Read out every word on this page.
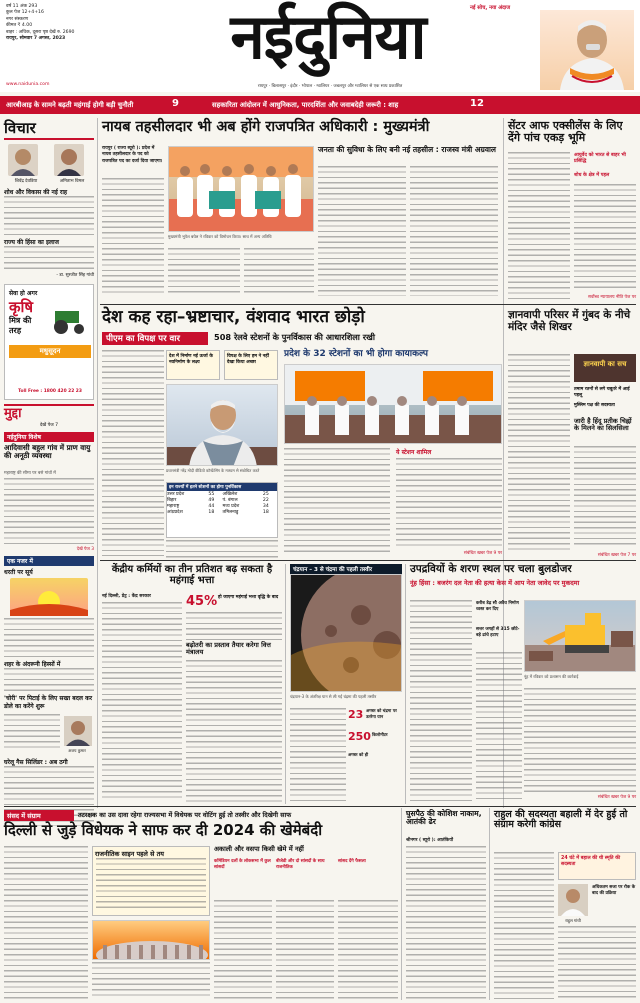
वर्ष 11 अंक 293
कुल पेज 12+4+16
नगर संस्करण
कीमत ₹ 4.00
बाहर : अधिक, दूसरा पृष्ठ देखें रु. 2690
रायपुर, सोमवार 7 अगस्त, 2023
www.naidunia.com
नईदुनिया	नई सोच, नया अंदाज
रायपुर · बिलासपुर · इंदौर · भोपाल · ग्वालियर · जबलपुर और ग्वालियर से एक साथ प्रकाशित
आरबीआइ के सामने बढ़ती महंगाई होगी बड़ी चुनौती	9	सहकारिता आंदोलन में आधुनिकता, पारदर्शिता और जवाबदेही जरूरी : शाह	12
विचार
शिवेंद्र देवडिया	अमिताभ विमल
शोध और विकास की नई राह
राज्य की हिंसा का इलाज
- डा. सुरजीत सिंह गांधी
सेवा हो अगर
कृषि
मित्र की
तरह
मधुसूदन
Toll Free : 1800 420 22 23
मुद्दा
देखें पेज 7
नईदुनिया विशेष
आदिवासी बहुल गांव में प्राण वायु की अनूठी व्यवस्था
महाराष्ट्र की सीमा पर बसे गांवों में
देखें पेज 3
एक नजर में
धरती पर सूर्य
शहर के अंदरूनी हिस्सों में
'चोरी' पर पिटाई के लिए सख्त बदल कर डोले का करेंगे शुरू
अजय कुमार
घरेलू गैस सिलिंडर : अब ठगी
नायब तहसीलदार भी अब होंगे राजपत्रित अधिकारी : मुख्यमंत्री
रायपुर ( राज्य ब्यूरो ): प्रदेश में नायब तहसीलदार के पद को राजपत्रित पद का दर्जा दिया जाएगा।
मुख्यमंत्री भूपेश बघेल ने रविवार को विमोचन किया। साथ में अन्य अतिथि
जनता की सुविधा के लिए बनी नई तहसील : राजस्व मंत्री अग्रवाल
सेंटर आफ एक्सीलेंस के लिए देंगे पांच एकड़ भूमि
आयुर्वेद को भारत से बाहर भी प्रसिद्धि
शोध के क्षेत्र में पहल
सर्वोच्च न्यायालय नीति पेज पर
देश कह रहा–भ्रष्टाचार, वंशवाद भारत छोड़ो
पीएम का विपक्ष पर वार	508 रेलवे स्टेशनों के पुनर्विकास की आधारशिला रखी
देश में निर्माण नई ऊर्जा के नवनिर्माण के लक्ष्य
विपक्ष के लिए हम ने नहीं देखा किया अच्छा
प्रधानमंत्री नरेंद्र मोदी वीडियो कॉन्फ्रेंसिंग के माध्यम से संबोधित करते
इन राज्यों में इतने स्टेशनों का होगा पुनर्विकास
उत्तर प्रदेश	55	अखिलेश	25
बिहार	49	पं. बंगाल	22
महाराष्ट्र	44	मध्य प्रदेश	34
आंध्रप्रदेश	18	तमिलनाडु	18
प्रदेश के 32 स्टेशनों का भी होगा कायाकल्प
ये स्टेशन शामिल
संबंधित खबर पेज 9 पर
ज्ञानवापी परिसर में गुंबद के नीचे मंदिर जैसे शिखर
ज्ञानवापी का सच
तमाम रतनों से लगे चबूतरे में आई पहलू
मुस्लिम पक्ष की सदस्यता
जारी है हिंदू प्रतीक चिह्नों के मिलने का सिलसिला
संबंधित खबर पेज 7 पर
केंद्रीय कर्मियों का तीन प्रतिशत बढ़ सकता है महंगाई भत्ता
नई दिल्ली, प्रेट्र : केंद्र सरकार	45% हो जाएगा महंगाई भत्ता वृद्धि के बाद
बढ़ोतरी का प्रस्ताव तैयार करेगा वित्त मंत्रालय
चंद्रयान – 3 से चंद्रमा की पहली तस्वीर
चंद्रयान-3 के अंतरिक्ष यान से ली गई चंद्रमा की पहली तस्वीर
23 अगस्त को चंद्रमा पर उतरेगा यान
250 किलोमीटर
अगस्त को ही
उपद्रवियों के शरण स्थल पर चला बुलडोजर
नूंह हिंसा : बजरंग दल नेता की हत्या केस में आप नेता जावेद पर मुकदमा
करीब डेढ़ सौ अवैध निर्माण ध्वस्त कर दिए
सत्तर जगहों से 315 छोटे-बड़े ढांचे हटाए
नूंह में रविवार को प्रशासन की कार्रवाई
संबंधित खबर पेज 9 पर
संसद में संग्राम	तटरक्षक का उस दावा रहेगा राज्यसभा में विधेयक पर वोटिंग हुई तो तस्वीर और दिखेगी साफ
दिल्ली से जुड़े विधेयक ने साफ कर दी 2024 की खेमेबंदी
राजनीतिक साइन पहले से तय
अकाली और वसपा किसी खेमे में नहीं
कॉमेडियन दलों के लोकसभा में कुल सांसदों
बीजेडी और दो सांसदों के साथ राजनीतिक
सांसद देंगे फैसला
घुसपैठ की कोशिश नाकाम, आतंकी ढेर
श्रीनगर ( ब्यूरो ): आतंकियों
राहुल की सदस्यता बहाली में देर हुई तो संग्राम करेगी कांग्रेस
24 घंटे में बहाल की थी स्मृति की सदस्यता
राहुल गांधी
अधिकतम सजा पर रोक के बाद की प्रक्रिया
